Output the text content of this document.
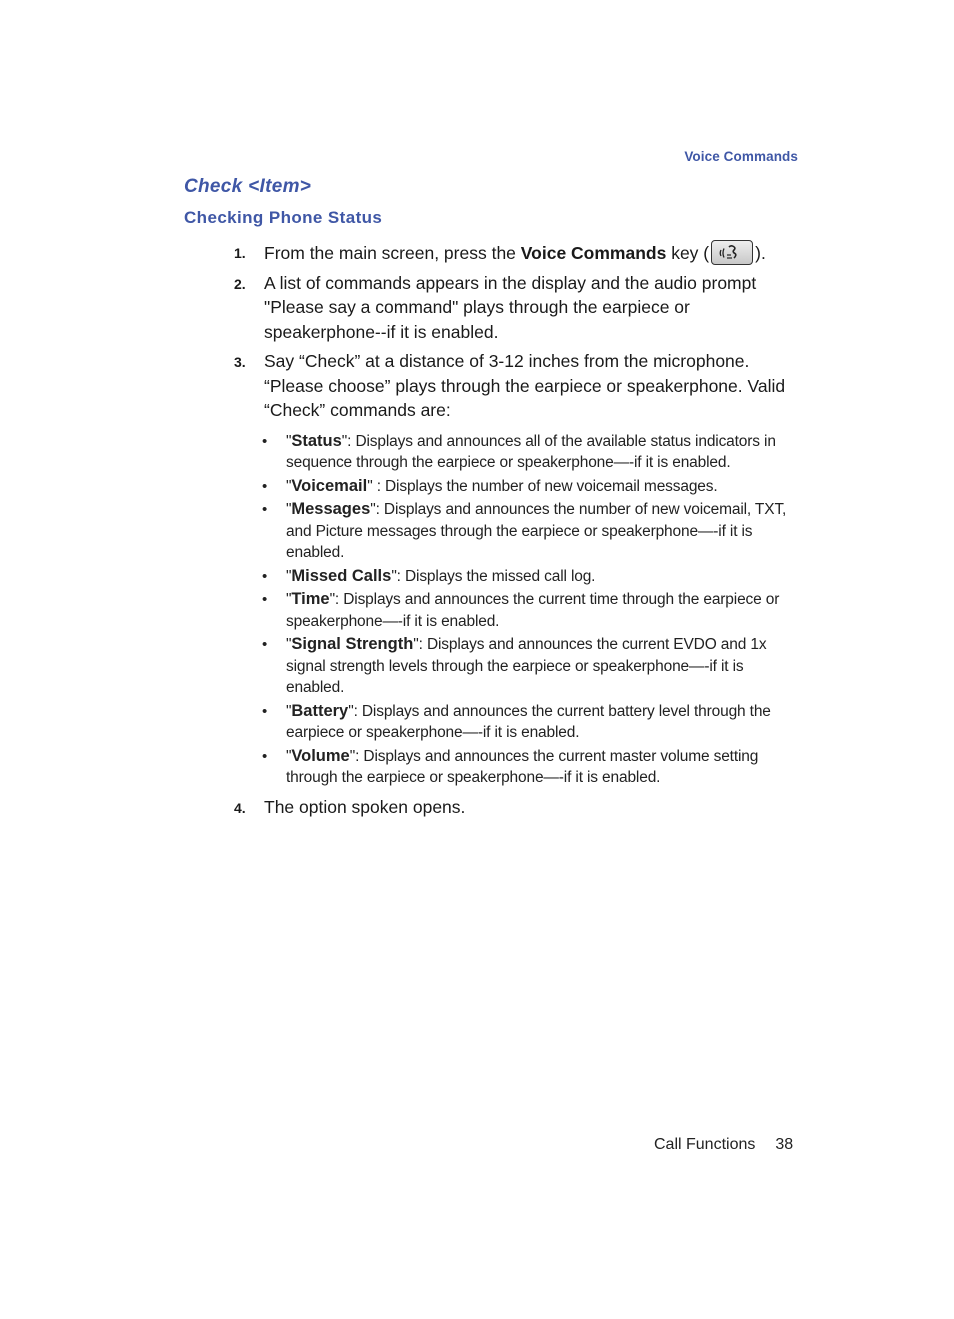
Voice Commands
Check <Item>
Checking Phone Status
1. From the main screen, press the Voice Commands key (	).
2. A list of commands appears in the display and the audio prompt "Please say a command" plays through the earpiece or speakerphone--if it is enabled.
3. Say “Check” at a distance of 3-12 inches from the microphone. “Please choose” plays through the earpiece or speakerphone. Valid “Check” commands are:
• "Status": Displays and announces all of the available status indicators in sequence through the earpiece or speakerphone—-if it is enabled.
• "Voicemail" : Displays the number of new voicemail messages.
• "Messages": Displays and announces the number of new voicemail, TXT, and Picture messages through the earpiece or speakerphone—-if it is enabled.
• "Missed Calls": Displays the missed call log.
• "Time": Displays and announces the current time through the earpiece or speakerphone—-if it is enabled.
• "Signal Strength": Displays and announces the current EVDO and 1x signal strength levels through the earpiece or speakerphone—-if it is enabled.
• "Battery": Displays and announces the current battery level through the earpiece or speakerphone—-if it is enabled.
• "Volume": Displays and announces the current master volume setting through the earpiece or speakerphone—-if it is enabled.
4. The option spoken opens.
Call Functions 38
